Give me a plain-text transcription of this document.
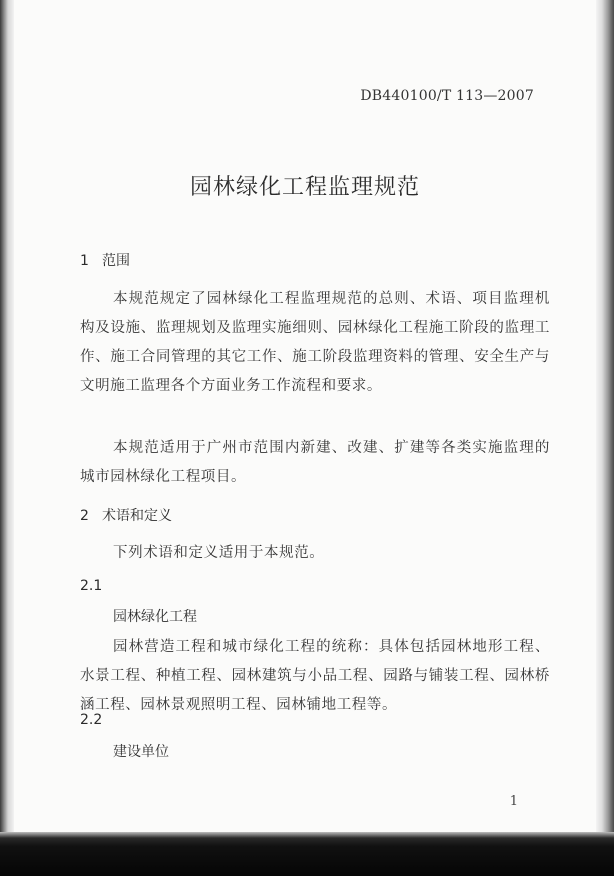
DB440100/T 113—2007
园林绿化工程监理规范
1 范围
本规范规定了园林绿化工程监理规范的总则、术语、项目监理机构及设施、监理规划及监理实施细则、园林绿化工程施工阶段的监理工作、施工合同管理的其它工作、施工阶段监理资料的管理、安全生产与文明施工监理各个方面业务工作流程和要求。
本规范适用于广州市范围内新建、改建、扩建等各类实施监理的城市园林绿化工程项目。
2 术语和定义
下列术语和定义适用于本规范。
2.1
园林绿化工程
园林营造工程和城市绿化工程的统称：具体包括园林地形工程、水景工程、种植工程、园林建筑与小品工程、园路与铺装工程、园林桥涵工程、园林景观照明工程、园林铺地工程等。
2.2
建设单位
1
